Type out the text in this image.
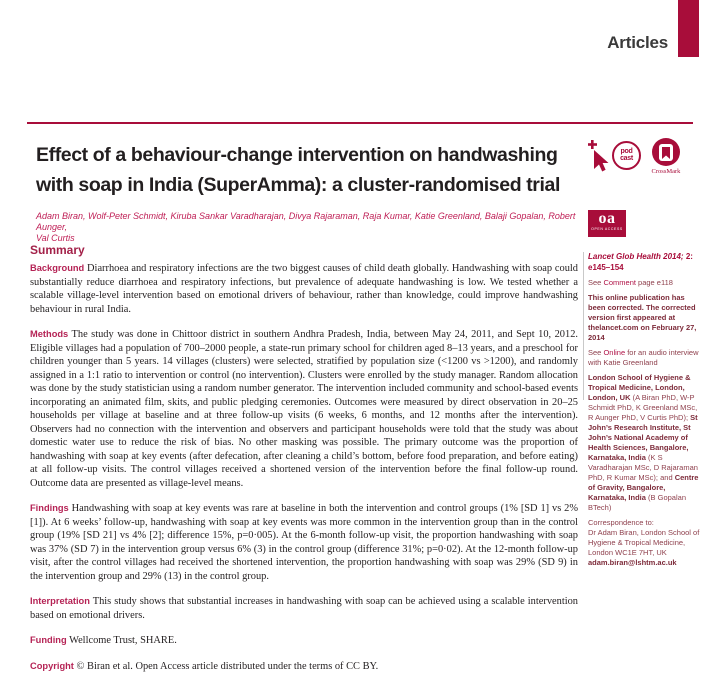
Articles
Effect of a behaviour-change intervention on handwashing
with soap in India (SuperAmma): a cluster-randomised trial
Adam Biran, Wolf-Peter Schmidt, Kiruba Sankar Varadharajan, Divya Rajaraman, Raja Kumar, Katie Greenland, Balaji Gopalan, Robert Aunger,
Val Curtis
pod
cast
CrossMark
oa
OPEN ACCESS
Summary

Background Diarrhoea and respiratory infections are the two biggest causes of child death globally. Handwashing with soap could substantially reduce diarrhoea and respiratory infections, but prevalence of adequate handwashing is low. We tested whether a scalable village-level intervention based on emotional drivers of behaviour, rather than knowledge, could improve handwashing behaviour in rural India.

Methods The study was done in Chittoor district in southern Andhra Pradesh, India, between May 24, 2011, and Sept 10, 2012. Eligible villages had a population of 700–2000 people, a state-run primary school for children aged 8–13 years, and a preschool for children younger than 5 years. 14 villages (clusters) were selected, stratified by population size (<1200 vs >1200), and randomly assigned in a 1:1 ratio to intervention or control (no intervention). Clusters were enrolled by the study manager. Random allocation was done by the study statistician using a random number generator. The intervention included community and school-based events incorporating an animated film, skits, and public pledging ceremonies. Outcomes were measured by direct observation in 20–25 households per village at baseline and at three follow-up visits (6 weeks, 6 months, and 12 months after the intervention). Observers had no connection with the intervention and observers and participant households were told that the study was about domestic water use to reduce the risk of bias. No other masking was possible. The primary outcome was the proportion of handwashing with soap at key events (after defecation, after cleaning a child’s bottom, before food preparation, and before eating) at all follow-up visits. The control villages received a shortened version of the intervention before the final follow-up round. Outcome data are presented as village-level means.

Findings Handwashing with soap at key events was rare at baseline in both the intervention and control groups (1% [SD 1] vs 2% [1]). At 6 weeks’ follow-up, handwashing with soap at key events was more common in the intervention group than in the control group (19% [SD 21] vs 4% [2]; difference 15%, p=0·005). At the 6-month follow-up visit, the proportion handwashing with soap was 37% (SD 7) in the intervention group versus 6% (3) in the control group (difference 31%; p=0·02). At the 12-month follow-up visit, after the control villages had received the shortened intervention, the proportion handwashing with soap was 29% (SD 9) in the intervention group and 29% (13) in the control group.

Interpretation This study shows that substantial increases in handwashing with soap can be achieved using a scalable intervention based on emotional drivers.

Funding Wellcome Trust, SHARE.

Copyright © Biran et al. Open Access article distributed under the terms of CC BY.

Lancet Glob Health 2014; 2: e145–154

See Comment page e118

This online publication has been corrected. The corrected version first appeared at thelancet.com on February 27, 2014

See Online for an audio interview with Katie Greenland

London School of Hygiene & Tropical Medicine, London, London, UK (A Biran PhD, W-P Schmidt PhD, K Greenland MSc, R Aunger PhD, V Curtis PhD); St John’s Research Institute, St John’s National Academy of Health Sciences, Bangalore, Karnataka, India (K S Varadharajan MSc, D Rajaraman PhD, R Kumar MSc); and Centre of Gravity, Bangalore, Karnataka, India (B Gopalan BTech)

Correspondence to:
Dr Adam Biran, London School of Hygiene & Tropical Medicine, London WC1E 7HT, UK
adam.biran@lshtm.ac.uk
